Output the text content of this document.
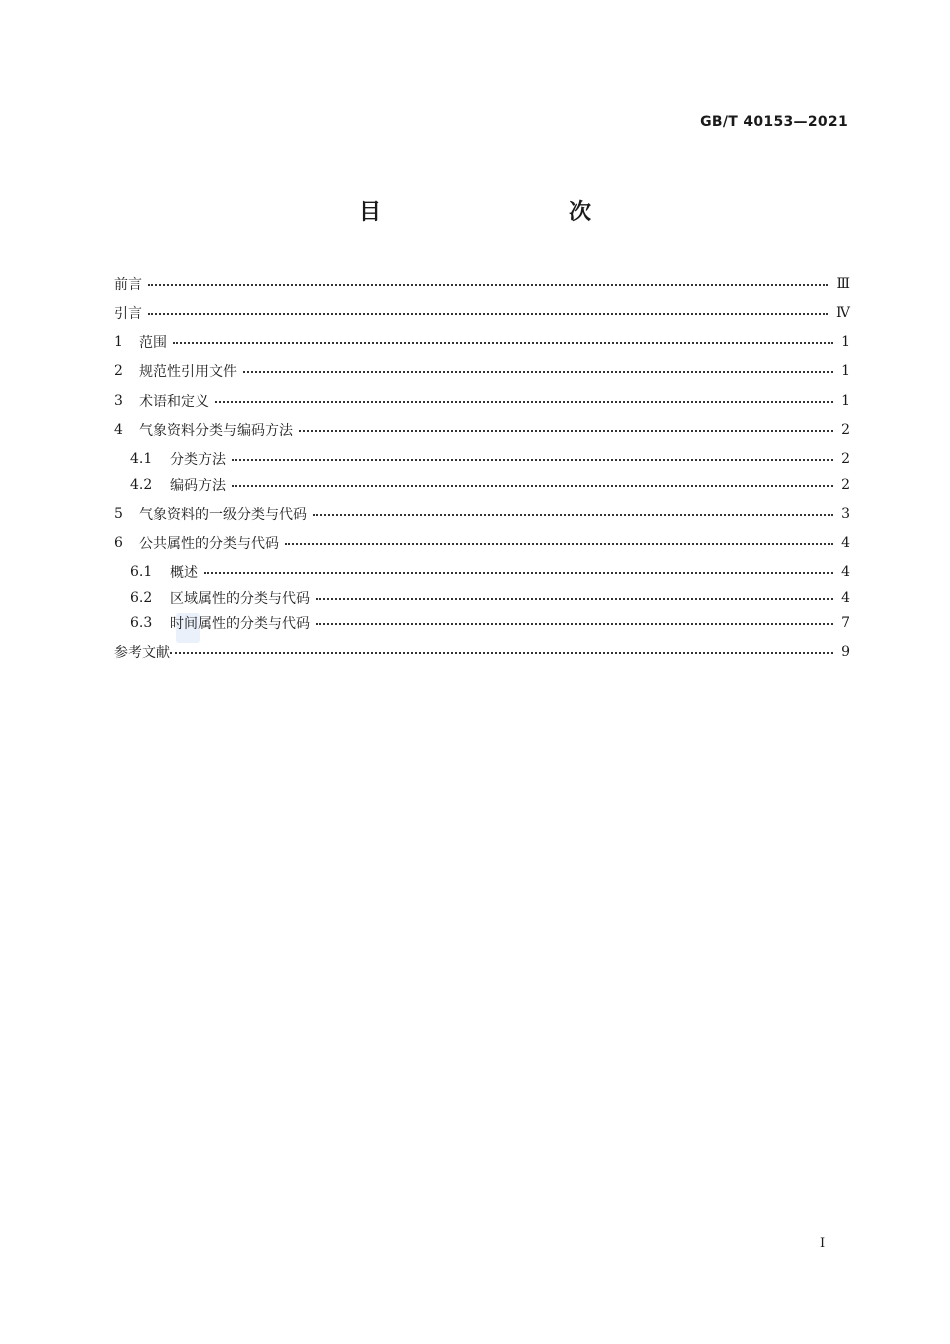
GB/T 40153—2021
目　　次
前言	Ⅲ
引言	Ⅳ
1	范围	1
2	规范性引用文件	1
3	术语和定义	1
4	气象资料分类与编码方法	2
4.1	分类方法	2
4.2	编码方法	2
5	气象资料的一级分类与代码	3
6	公共属性的分类与代码	4
6.1	概述	4
6.2	区域属性的分类与代码	4
6.3	时间属性的分类与代码	7
参考文献	9
Ⅰ
